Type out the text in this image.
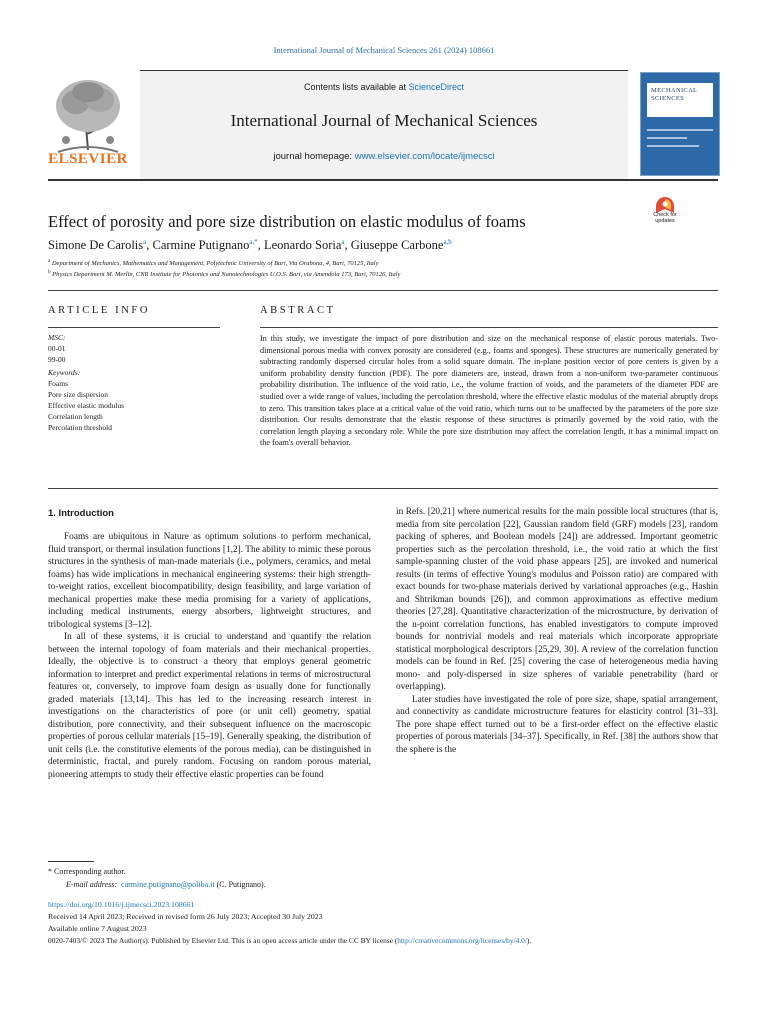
International Journal of Mechanical Sciences 261 (2024) 108661
ELSEVIER
Contents lists available at ScienceDirect
International Journal of Mechanical Sciences
journal homepage: www.elsevier.com/locate/ijmecsci
MECHANICAL
SCIENCES
Effect of porosity and pore size distribution on elastic modulus of foams	Check for updates
Simone De Carolis$^a$, Carmine Putignano$^{a,*}$, Leonardo Soria$^a$, Giuseppe Carbone$^{a,b}$
$^a$ Department of Mechanics, Mathematics and Management, Polytechnic University of Bari, Via Orabona, 4, Bari, 70125, Italy
$^b$ Physics Department M. Merlin, CNR Institute for Photonics and Nanotechnologies U.O.S. Bari, via Amendola 173, Bari, 70126, Italy
ARTICLE INFO
MSC:
00-01
99-00
Keywords:
Foams
Pore size dispersion
Effective elastic modulus
Correlation length
Percolation threshold
ABSTRACT
In this study, we investigate the impact of pore distribution and size on the mechanical response of elastic porous materials. Two-dimensional porous media with convex porosity are considered (e.g., foams and sponges). These structures are numerically generated by subtracting randomly dispersed circular holes from a solid square domain. The in-plane position vector of pore centers is given by a uniform probability density function (PDF). The pore diameters are, instead, drawn from a non-uniform two-parameter continuous probability distribution. The influence of the void ratio, i.e., the volume fraction of voids, and the parameters of the diameter PDF are studied over a wide range of values, including the percolation threshold, where the effective elastic modulus of the material abruptly drops to zero. This transition takes place at a critical value of the void ratio, which turns out to be unaffected by the parameters of the pore size distribution. Our results demonstrate that the elastic response of these structures is primarily governed by the void ratio, with the correlation length playing a secondary role. While the pore size distribution may affect the correlation length, it has a minimal impact on the foam's overall behavior.
1. Introduction

Foams are ubiquitous in Nature as optimum solutions to perform mechanical, fluid transport, or thermal insulation functions [1,2]. The ability to mimic these porous structures in the synthesis of man-made materials (i.e., polymers, ceramics, and metal foams) has wide implications in mechanical engineering systems: their high strength-to-weight ratios, excellent biocompatibility, design feasibility, and large variation of mechanical properties make these media promising for a variety of applications, including medical instruments, energy absorbers, lightweight structures, and tribological systems [3–12].

In all of these systems, it is crucial to understand and quantify the relation between the internal topology of foam materials and their mechanical properties. Ideally, the objective is to construct a theory that employs general geometric information to interpret and predict experimental relations in terms of microstructural features or, conversely, to improve foam design as usually done for functionally graded materials [13,14]. This has led to the increasing research interest in investigations on the characteristics of pore (or unit cell) geometry, spatial distribution, pore connectivity, and their subsequent influence on the macroscopic properties of porous cellular materials [15–19]. Generally speaking, the distribution of unit cells (i.e. the constitutive elements of the porous media), can be distinguished in deterministic, fractal, and purely random. Focusing on random porous material, pioneering attempts to study their effective elastic properties can be found

in Refs. [20,21] where numerical results for the main possible local structures (that is, media from site percolation [22], Gaussian random field (GRF) models [23], random packing of spheres, and Boolean models [24]) are addressed. Important geometric properties such as the percolation threshold, i.e., the void ratio at which the first sample-spanning cluster of the void phase appears [25], are invoked and numerical results (in terms of effective Young's modulus and Poisson ratio) are compared with exact bounds for two-phase materials derived by variational approaches (e.g., Hashin and Shtrikman bounds [26]), and common approximations as effective medium theories [27,28]. Quantitative characterization of the microstructure, by derivation of the n-point correlation functions, has enabled investigators to compute improved bounds for nontrivial models and real materials which incorporate appropriate statistical morphological descriptors [25,29, 30]. A review of the correlation function models can be found in Ref. [25] covering the case of heterogeneous media having mono- and poly-dispersed in size spheres of variable penetrability (hard or overlapping).

Later studies have investigated the role of pore size, shape, spatial arrangement, and connectivity as candidate microstructure features for elasticity control [31–33]. The pore shape effect turned out to be a first-order effect on the effective elastic properties of porous materials [34–37]. Specifically, in Ref. [38] the authors show that the sphere is the

* Corresponding author.
E-mail address: carmine.putignano@poliba.it (C. Putignano).
https://doi.org/10.1016/j.ijmecsci.2023.108661
Received 14 April 2023; Received in revised form 26 July 2023; Accepted 30 July 2023
Available online 7 August 2023
0020-7403/© 2023 The Author(s). Published by Elsevier Ltd. This is an open access article under the CC BY license (http://creativecommons.org/licenses/by/4.0/).
